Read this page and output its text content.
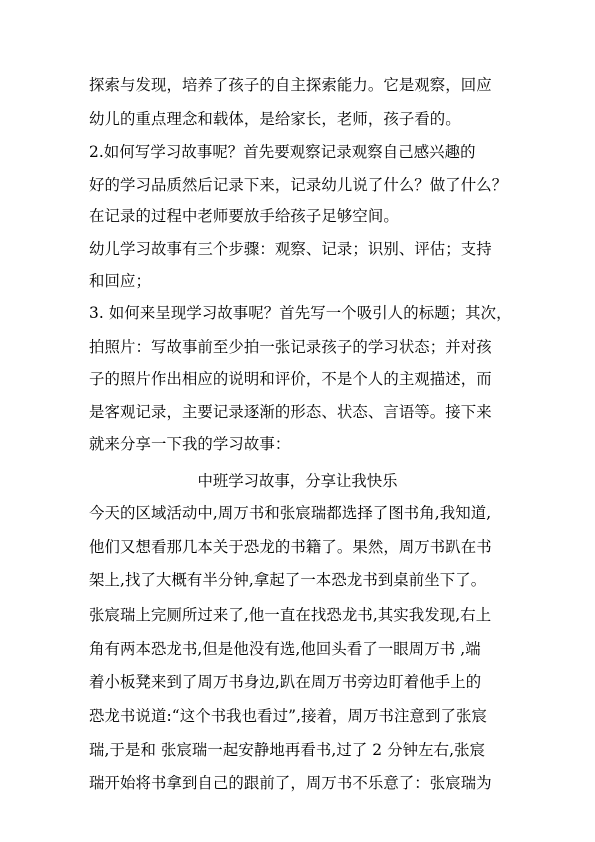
探索与发现，培养了孩子的自主探索能力。它是观察，回应
幼儿的重点理念和载体，是给家长，老师，孩子看的。
2.如何写学习故事呢？首先要观察记录观察自己感兴趣的
好的学习品质然后记录下来，记录幼儿说了什么？做了什么？
在记录的过程中老师要放手给孩子足够空间。
幼儿学习故事有三个步骤：观察、记录；识别、评估；支持
和回应；
3. 如何来呈现学习故事呢？首先写一个吸引人的标题；其次，
拍照片：写故事前至少拍一张记录孩子的学习状态；并对孩
子的照片作出相应的说明和评价，不是个人的主观描述，而
是客观记录，主要记录逐渐的形态、状态、言语等。接下来
就来分享一下我的学习故事：
中班学习故事，分享让我快乐
今天的区域活动中,周万书和张宸瑞都选择了图书角,我知道,
他们又想看那几本关于恐龙的书籍了。果然，周万书趴在书
架上,找了大概有半分钟,拿起了一本恐龙书到桌前坐下了。
张宸瑞上完厕所过来了,他一直在找恐龙书,其实我发现,右上
角有两本恐龙书,但是他没有选,他回头看了一眼周万书 ,端
着小板凳来到了周万书身边,趴在周万书旁边盯着他手上的
恐龙书说道:“这个书我也看过”,接着，周万书注意到了张宸
瑞,于是和 张宸瑞一起安静地再看书,过了 2 分钟左右,张宸
瑞开始将书拿到自己的跟前了，周万书不乐意了：张宸瑞为
